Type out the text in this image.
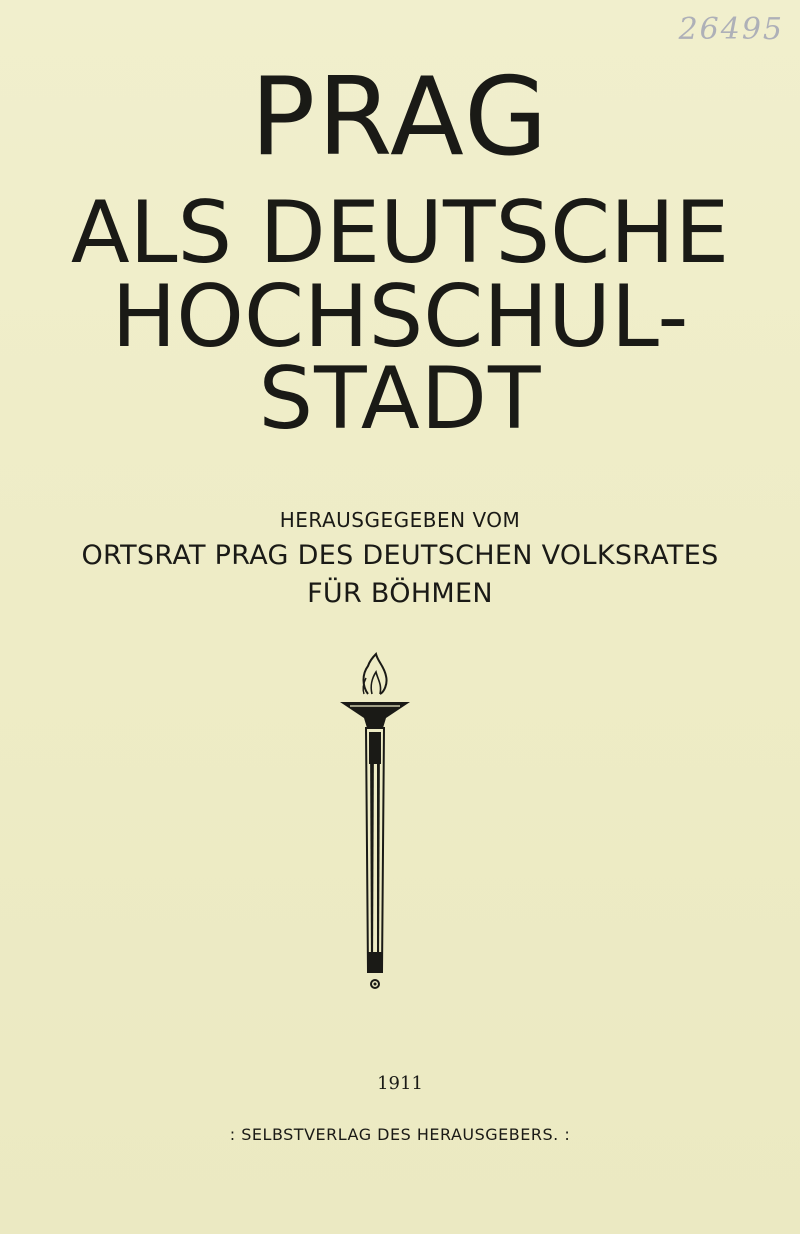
26495
PRAG
ALS DEUTSCHE
HOCHSCHUL-
STADT
HERAUSGEGEBEN VOM
ORTSRAT PRAG DES DEUTSCHEN VOLKSRATES
FÜR BÖHMEN
1911
: SELBSTVERLAG DES HERAUSGEBERS. :
